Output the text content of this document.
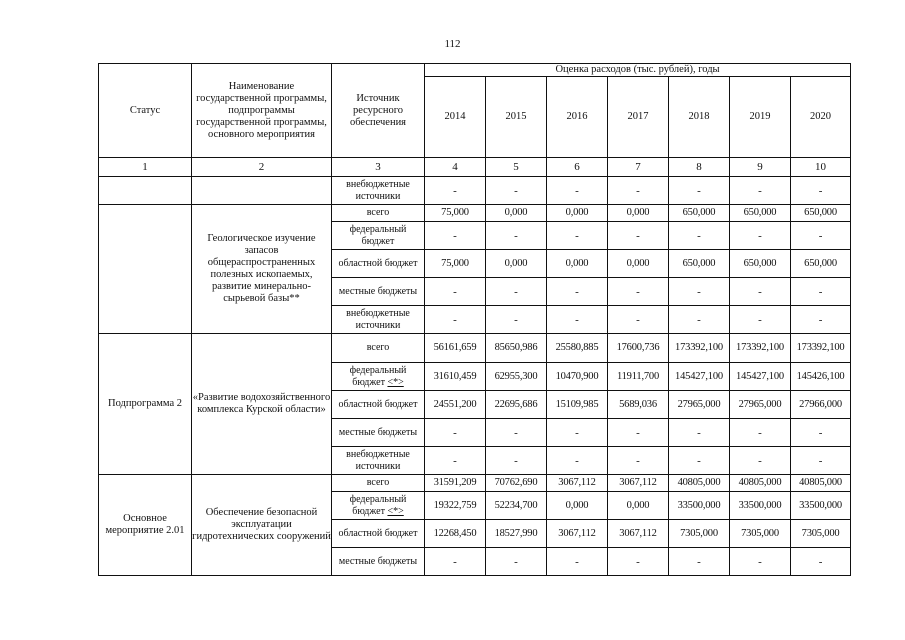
112
Статус	Наименование государственной программы, подпрограммы государственной программы, основного мероприятия	Источник ресурсного обеспечения	Оценка расходов (тыс. рублей), годы						
			2014	2015	2016	2017	2018	2019	2020
1	2	3	4	5	6	7	8	9	10
		внебюджетные источники	-	-	-	-	-	-	-
	Геологическое изучение запасов общераспространенных полезных ископаемых, развитие минерально-сырьевой базы**	всего	75,000	0,000	0,000	0,000	650,000	650,000	650,000
		федеральный бюджет	-	-	-	-	-	-	-
		областной бюджет	75,000	0,000	0,000	0,000	650,000	650,000	650,000
		местные бюджеты	-	-	-	-	-	-	-
		внебюджетные источники	-	-	-	-	-	-	-
Подпрограмма 2	«Развитие водохозяйственного комплекса Курской области»	всего	56161,659	85650,986	25580,885	17600,736	173392,100	173392,100	173392,100
		федеральный бюджет <*>	31610,459	62955,300	10470,900	11911,700	145427,100	145427,100	145426,100
		областной бюджет	24551,200	22695,686	15109,985	5689,036	27965,000	27965,000	27966,000
		местные бюджеты	-	-	-	-	-	-	-
		внебюджетные источники	-	-	-	-	-	-	-
Основное мероприятие 2.01	Обеспечение безопасной эксплуатации гидротехнических сооружений	всего	31591,209	70762,690	3067,112	3067,112	40805,000	40805,000	40805,000
		федеральный бюджет <*>	19322,759	52234,700	0,000	0,000	33500,000	33500,000	33500,000
		областной бюджет	12268,450	18527,990	3067,112	3067,112	7305,000	7305,000	7305,000
		местные бюджеты	-	-	-	-	-	-	-
